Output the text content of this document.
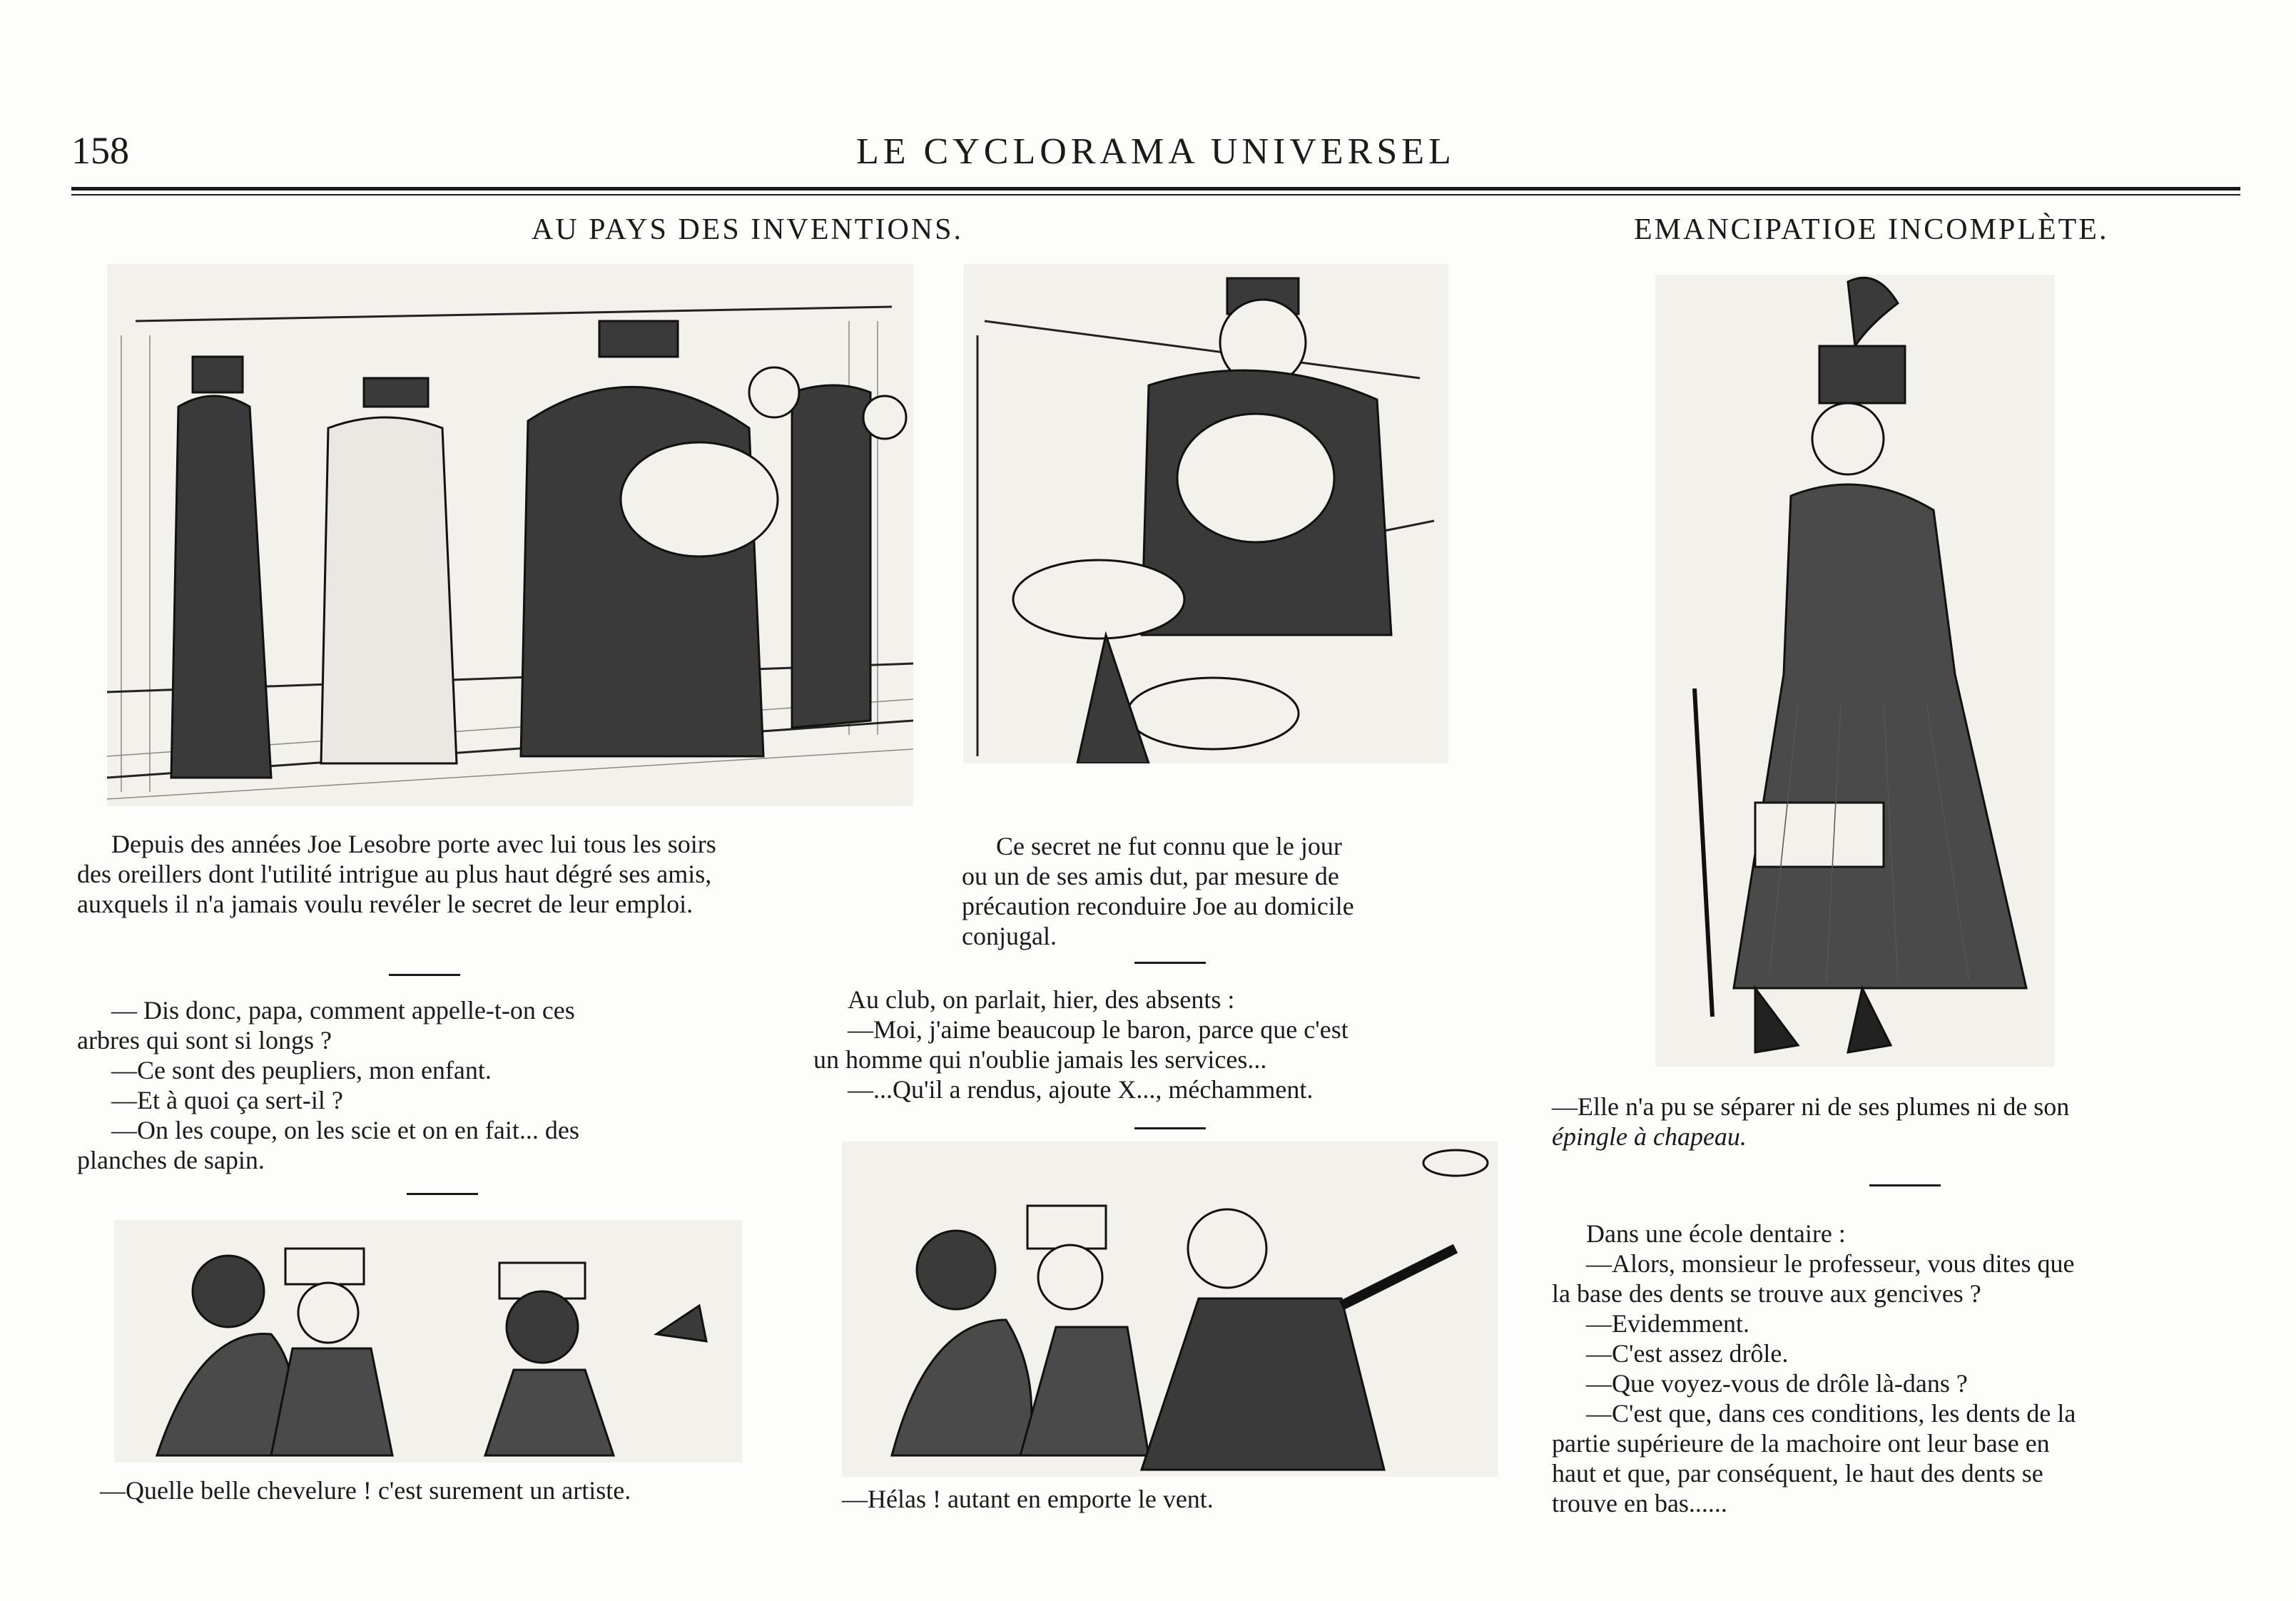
158	LE CYCLORAMA UNIVERSEL
AU PAYS DES INVENTIONS.	EMANCIPATIOE INCOMPLÈTE.
Depuis des années Joe Lesobre porte avec lui tous les soirs
des oreillers dont l'utilité intrigue au plus haut dégré ses amis,
auxquels il n'a jamais voulu revéler le secret de leur emploi.
Ce secret ne fut connu que le jour
ou un de ses amis dut, par mesure de
précaution reconduire Joe au domicile
conjugal.
—Elle n'a pu se séparer ni de ses plumes ni de son
épingle à chapeau.
— Dis donc, papa, comment appelle-t-on ces
arbres qui sont si longs ?
—Ce sont des peupliers, mon enfant.
—Et à quoi ça sert-il ?
—On les coupe, on les scie et on en fait... des
planches de sapin.
Au club, on parlait, hier, des absents :
—Moi, j'aime beaucoup le baron, parce que c'est
un homme qui n'oublie jamais les services...
—...Qu'il a rendus, ajoute X..., méchamment.
—Quelle belle chevelure ! c'est surement un artiste.	—Hélas ! autant en emporte le vent.
Dans une école dentaire :
—Alors, monsieur le professeur, vous dites que
la base des dents se trouve aux gencives ?
—Evidemment.
—C'est assez drôle.
—Que voyez-vous de drôle là-dans ?
—C'est que, dans ces conditions, les dents de la
partie supérieure de la machoire ont leur base en
haut et que, par conséquent, le haut des dents se
trouve en bas......
